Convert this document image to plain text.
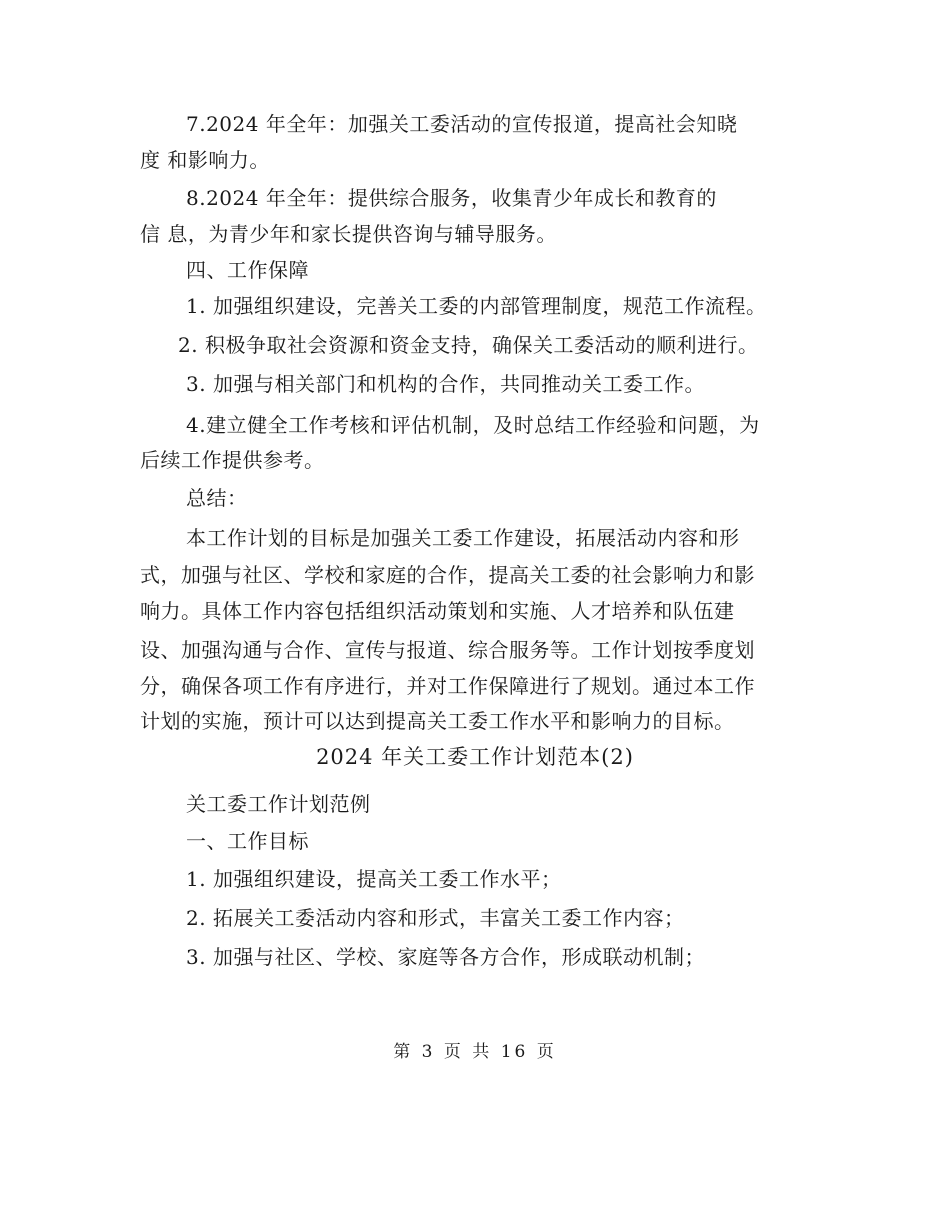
7.2024 年全年：加强关工委活动的宣传报道，提高社会知晓
度 和影响力。
8.2024 年全年：提供综合服务，收集青少年成长和教育的
信 息，为青少年和家长提供咨询与辅导服务。
四、工作保障
1. 加强组织建设，完善关工委的内部管理制度，规范工作流程。
2. 积极争取社会资源和资金支持，确保关工委活动的顺利进行。
3. 加强与相关部门和机构的合作，共同推动关工委工作。
4.建立健全工作考核和评估机制，及时总结工作经验和问题，为
后续工作提供参考。
总结：
本工作计划的目标是加强关工委工作建设，拓展活动内容和形
式，加强与社区、学校和家庭的合作，提高关工委的社会影响力和影
响力。具体工作内容包括组织活动策划和实施、人才培养和队伍建
设、加强沟通与合作、宣传与报道、综合服务等。工作计划按季度划
分，确保各项工作有序进行，并对工作保障进行了规划。通过本工作
计划的实施，预计可以达到提高关工委工作水平和影响力的目标。
2024 年关工委工作计划范本(2)
关工委工作计划范例
一、工作目标
1. 加强组织建设，提高关工委工作水平；
2. 拓展关工委活动内容和形式，丰富关工委工作内容；
3. 加强与社区、学校、家庭等各方合作，形成联动机制；
第 3 页 共 16 页
